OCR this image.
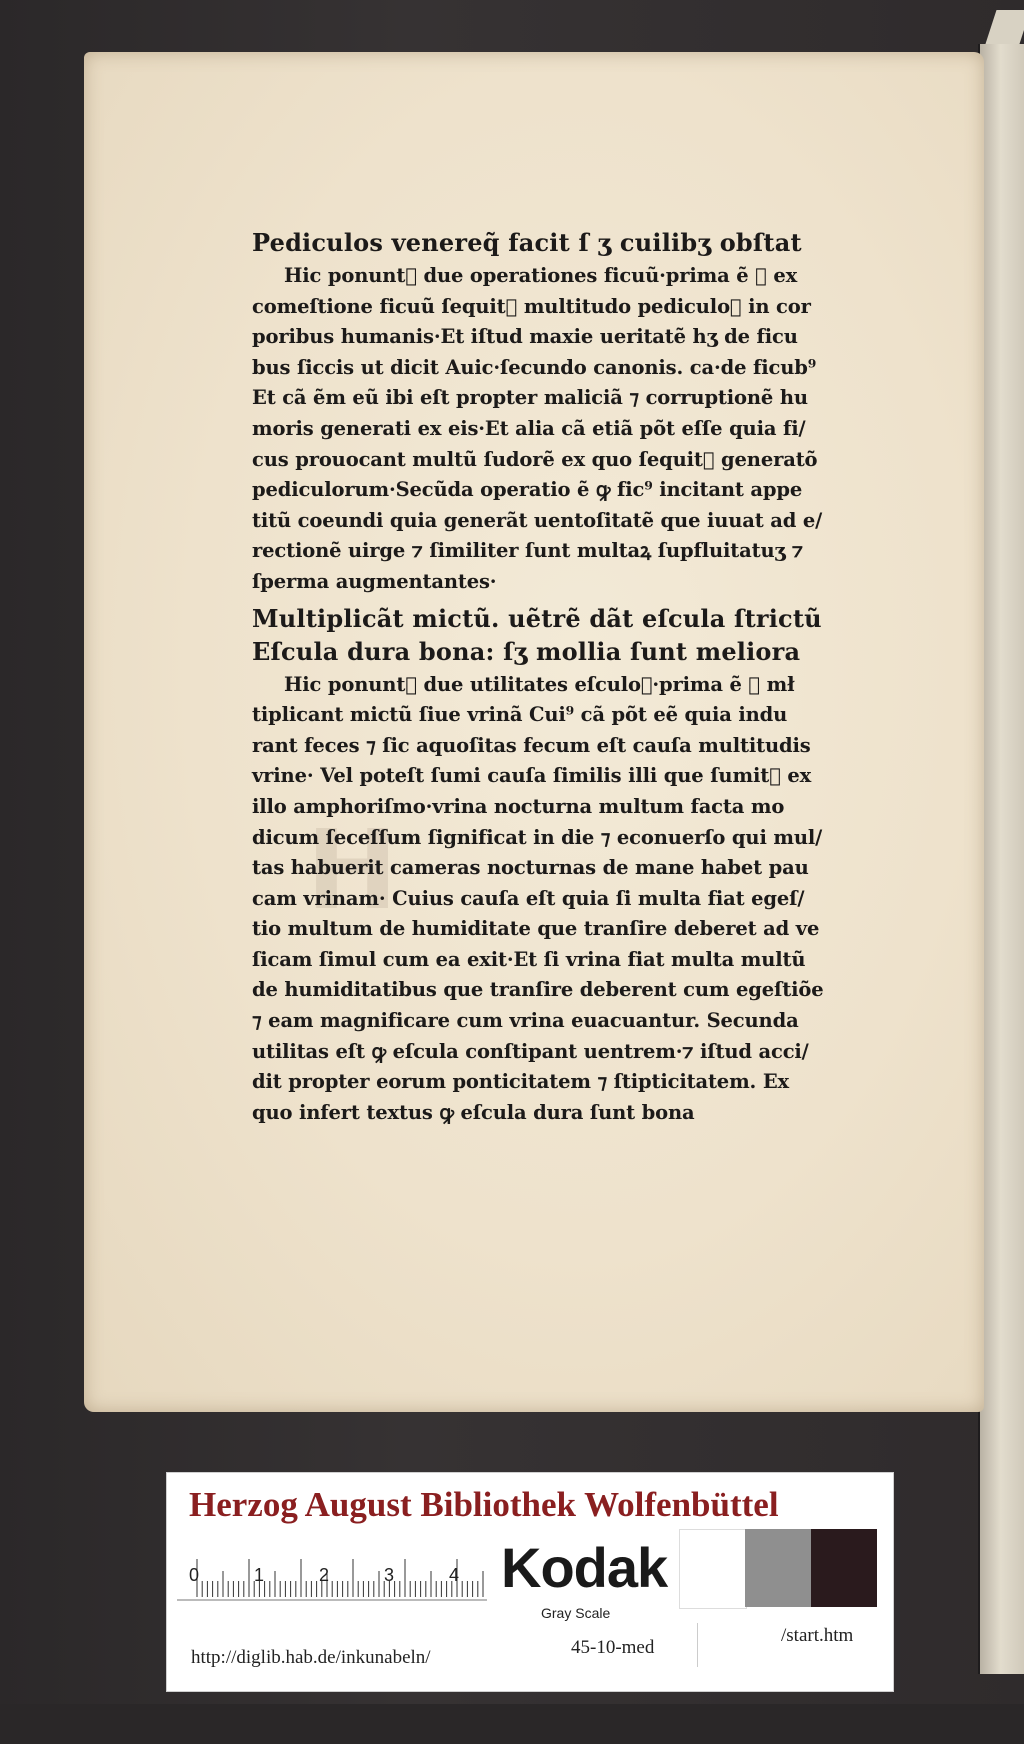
H

Pediculos venereq̃ facit ſ ʒ cuilibʒ obſtat

Hic ponunt᷑ due operationes ficuũ·prima ẽ ꝙ ex
comeſtione ficuũ ſequit᷑ multitudo pediculoꝝ in cor
poribus humanis·Et iſtud maxie ueritatẽ hʒ de ficu
bus ſiccis ut dicit Auic·ſecundo canonis. ca·de ficub⁹
Et cã ẽm eũ ibi eſt propter maliciã ⁊ corruptionẽ hu
moris generati ex eis·Et alia cã etiã põt eſſe quia fi/
cus prouocant multũ ſudorẽ ex quo ſequit᷑ generatõ
pediculorum·Secũda operatio ẽ ꝙ fic⁹ incitant appe
titũ coeundi quia generãt uentoſitatẽ que iuuat ad e/
rectionẽ uirge ⁊ ſimiliter ſunt multaꝝ ſupfluitatuʒ ⁊
ſperma augmentantes·

Multiplicãt mictũ. uẽtrẽ dãt eſcula ſtrictũ

Eſcula dura bona: ſʒ mollia ſunt meliora

Hic ponunt᷑ due utilitates eſculoꝝ·prima ẽ ꝙ mł
tiplicant mictũ ſiue vrinã Cui⁹ cã põt eẽ quia indu
rant feces ⁊ ſic aquoſitas fecum eſt cauſa multitudis
vrine· Vel poteſt ſumi cauſa ſimilis illi que ſumit᷑ ex
illo amphoriſmo·vrina nocturna multum facta mo
dicum ſeceſſum ſignificat in die ⁊ econuerſo qui mul/
tas habuerit cameras nocturnas de mane habet pau
cam vrinam· Cuius cauſa eſt quia ſi multa fiat egeſ/
tio multum de humiditate que tranſire deberet ad ve
ſicam ſimul cum ea exit·Et ſi vrina fiat multa multũ
de humiditatibus que tranſire deberent cum egeſtiõe
⁊ eam magnificare cum vrina euacuantur. Secunda
utilitas eſt ꝙ eſcula conſtipant uentrem·⁊ iſtud acci/
dit propter eorum ponticitatem ⁊ ſtipticitatem. Ex
quo infert textus ꝙ eſcula dura ſunt bona
Herzog August Bibliothek Wolfenbüttel
0	1	2	3	4 Kodak
Gray Scale
http://diglib.hab.de/inkunabeln/	45-10-med
/start.htm
